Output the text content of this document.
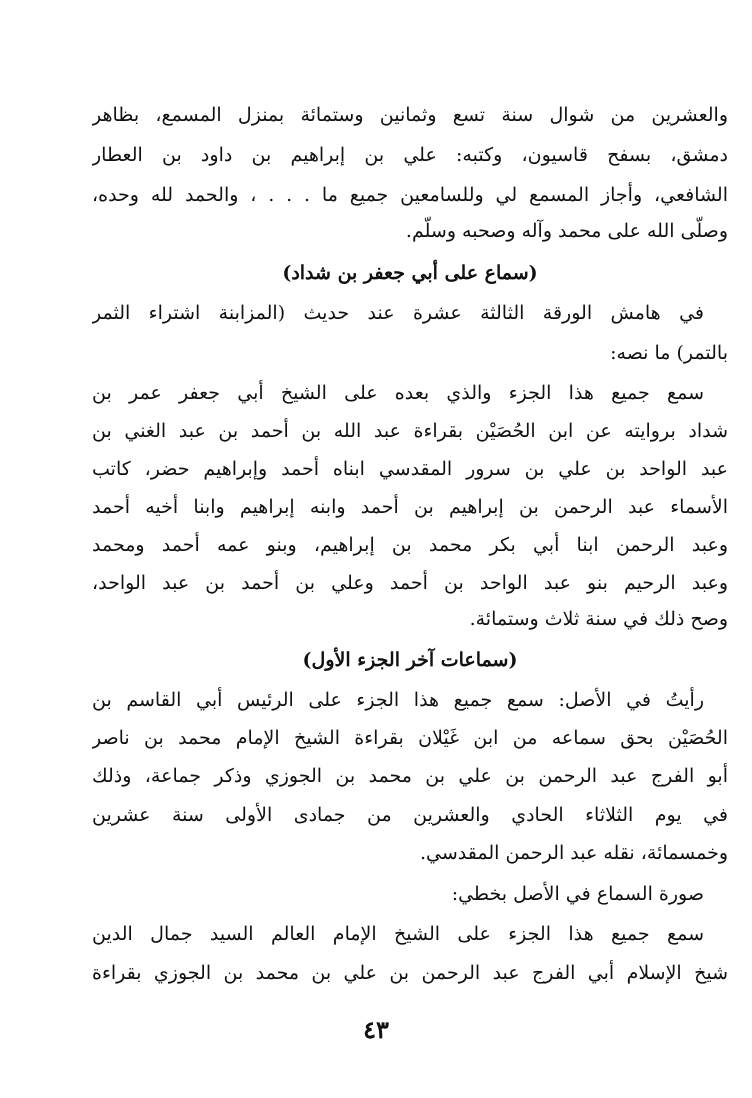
والعشرين من شوال سنة تسع وثمانين وستمائة بمنزل المسمع، بظاهر
دمشق، بسفح قاسيون، وكتبه: علي بن إبراهيم بن داود بن العطار
الشافعي، وأجاز المسمع لي وللسامعين جميع ما . . . ، والحمد لله وحده،
وصلّى الله على محمد وآله وصحبه وسلّم.
(سماع على أبي جعفر بن شداد)
في هامش الورقة الثالثة عشرة عند حديث (المزابنة اشتراء الثمر
بالتمر) ما نصه:
سمع جميع هذا الجزء والذي بعده على الشيخ أبي جعفر عمر بن
شداد بروايته عن ابن الحُصَيْن بقراءة عبد الله بن أحمد بن عبد الغني بن
عبد الواحد بن علي بن سرور المقدسي ابناه أحمد وإبراهيم حضر، كاتب
الأسماء عبد الرحمن بن إبراهيم بن أحمد وابنه إبراهيم وابنا أخيه أحمد
وعبد الرحمن ابنا أبي بكر محمد بن إبراهيم، وبنو عمه أحمد ومحمد
وعبد الرحيم بنو عبد الواحد بن أحمد وعلي بن أحمد بن عبد الواحد،
وصح ذلك في سنة ثلاث وستمائة.
(سماعات آخر الجزء الأول)
رأيتُ في الأصل: سمع جميع هذا الجزء على الرئيس أبي القاسم بن
الحُصَيْن بحق سماعه من ابن غَيْلان بقراءة الشيخ الإمام محمد بن ناصر
أبو الفرج عبد الرحمن بن علي بن محمد بن الجوزي وذكر جماعة، وذلك
في يوم الثلاثاء الحادي والعشرين من جمادى الأولى سنة عشرين
وخمسمائة، نقله عبد الرحمن المقدسي.
صورة السماع في الأصل بخطي:
سمع جميع هذا الجزء على الشيخ الإمام العالم السيد جمال الدين
شيخ الإسلام أبي الفرج عبد الرحمن بن علي بن محمد بن الجوزي بقراءة
٤٣
